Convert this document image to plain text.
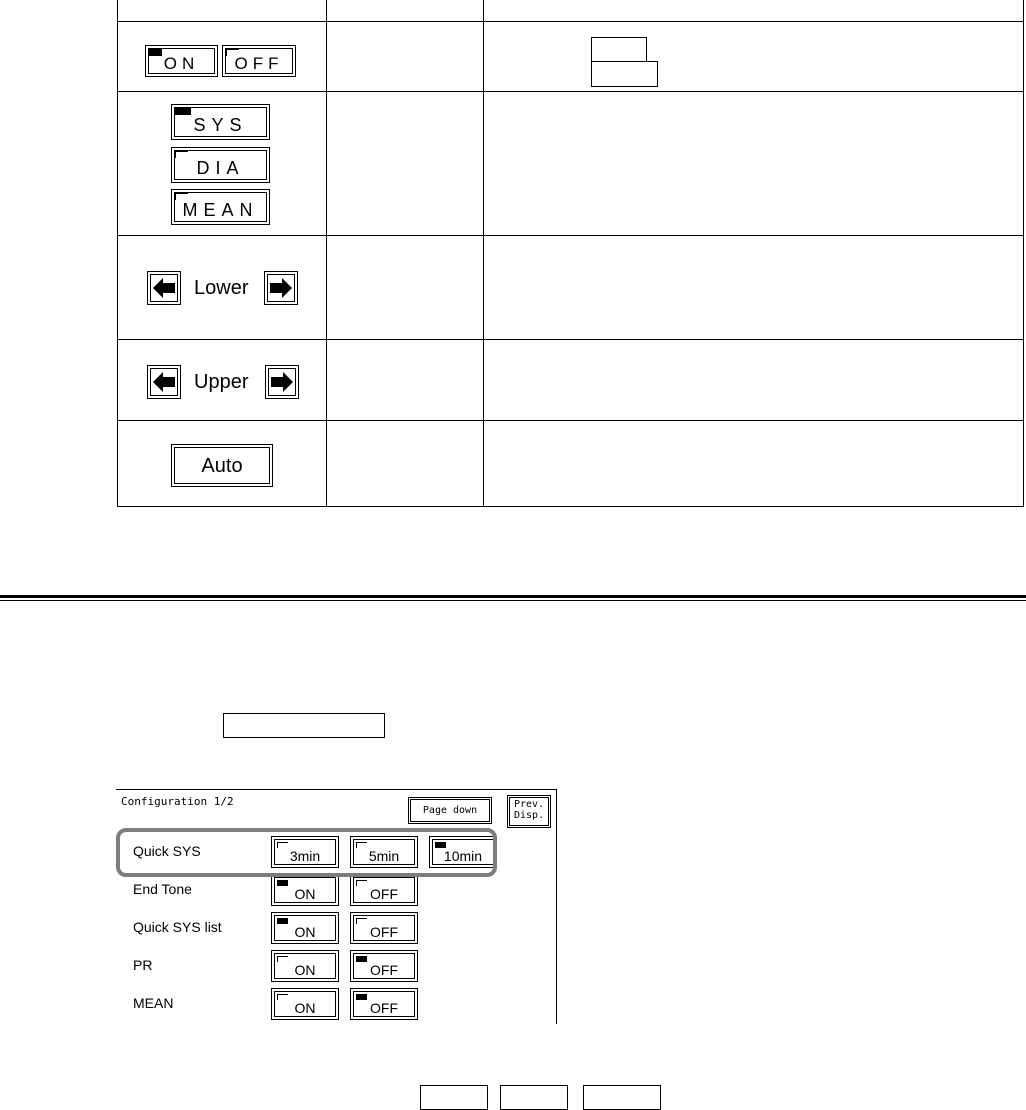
ON	OFF
SYS
DIA
MEAN
Lower
Upper
Auto
Configuration 1/2
Page down
Prev.
Disp.
Quick SYS	3min	5min	10min
End Tone	ON	OFF
Quick SYS list	ON	OFF
PR	ON	OFF
MEAN	ON	OFF
